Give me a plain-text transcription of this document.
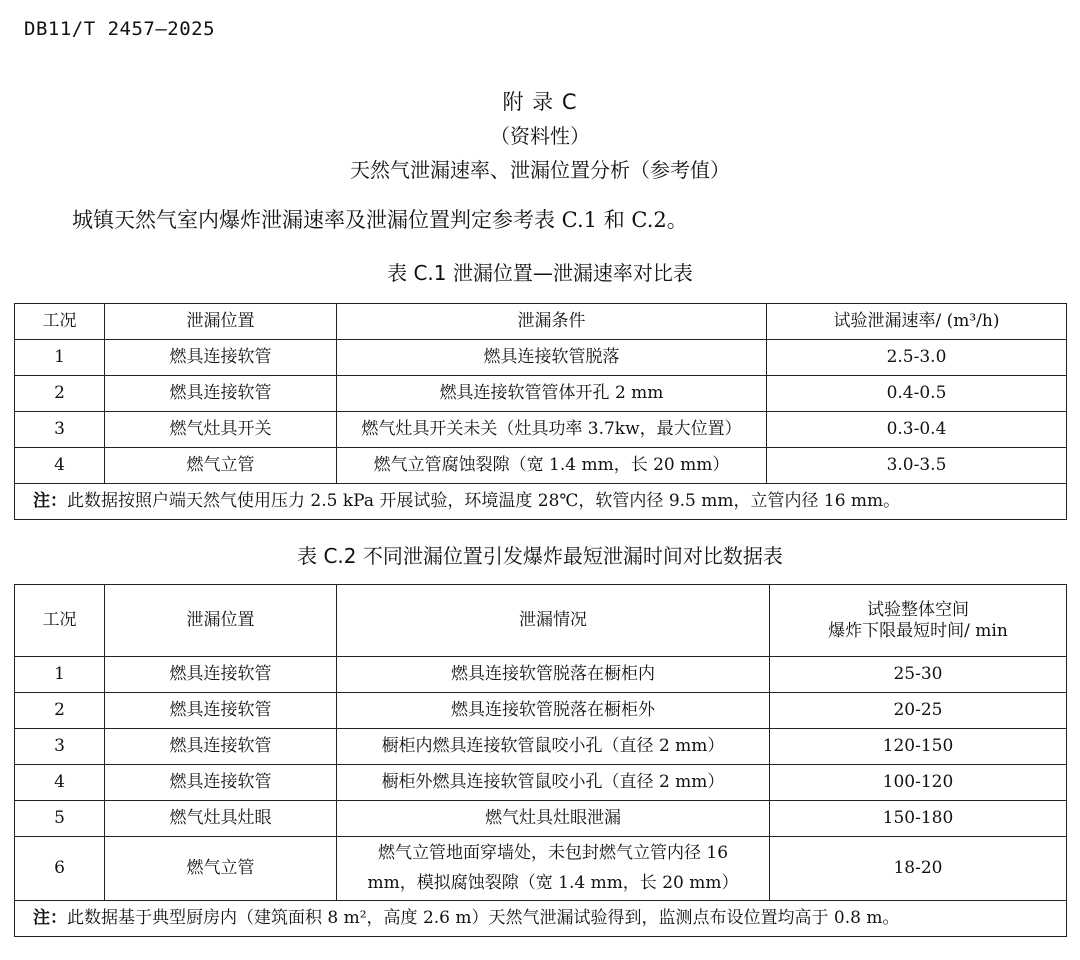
DB11/T 2457—2025
附 录 C
（资料性）
天然气泄漏速率、泄漏位置分析（参考值）
城镇天然气室内爆炸泄漏速率及泄漏位置判定参考表 C.1 和 C.2。
表 C.1 泄漏位置—泄漏速率对比表
工况	泄漏位置	泄漏条件	试验泄漏速率/ (m³/h)
1	燃具连接软管	燃具连接软管脱落	2.5-3.0
2	燃具连接软管	燃具连接软管管体开孔 2 mm	0.4-0.5
3	燃气灶具开关	燃气灶具开关未关（灶具功率 3.7kw，最大位置）	0.3-0.4
4	燃气立管	燃气立管腐蚀裂隙（宽 1.4 mm，长 20 mm）	3.0-3.5
注：此数据按照户端天然气使用压力 2.5 kPa 开展试验，环境温度 28℃，软管内径 9.5 mm，立管内径 16 mm。			
表 C.2 不同泄漏位置引发爆炸最短泄漏时间对比数据表
工况	泄漏位置	泄漏情况	试验整体空间
爆炸下限最短时间/ min

1	燃具连接软管	燃具连接软管脱落在橱柜内	25-30
2	燃具连接软管	燃具连接软管脱落在橱柜外	20-25
3	燃具连接软管	橱柜内燃具连接软管鼠咬小孔（直径 2 mm）	120-150
4	燃具连接软管	橱柜外燃具连接软管鼠咬小孔（直径 2 mm）	100-120
5	燃气灶具灶眼	燃气灶具灶眼泄漏	150-180
6	燃气立管	燃气立管地面穿墙处，未包封燃气立管内径 16 mm，模拟腐蚀裂隙（宽 1.4 mm，长 20 mm）	18-20
注：此数据基于典型厨房内（建筑面积 8 m²，高度 2.6 m）天然气泄漏试验得到，监测点布设位置均高于 0.8 m。			
